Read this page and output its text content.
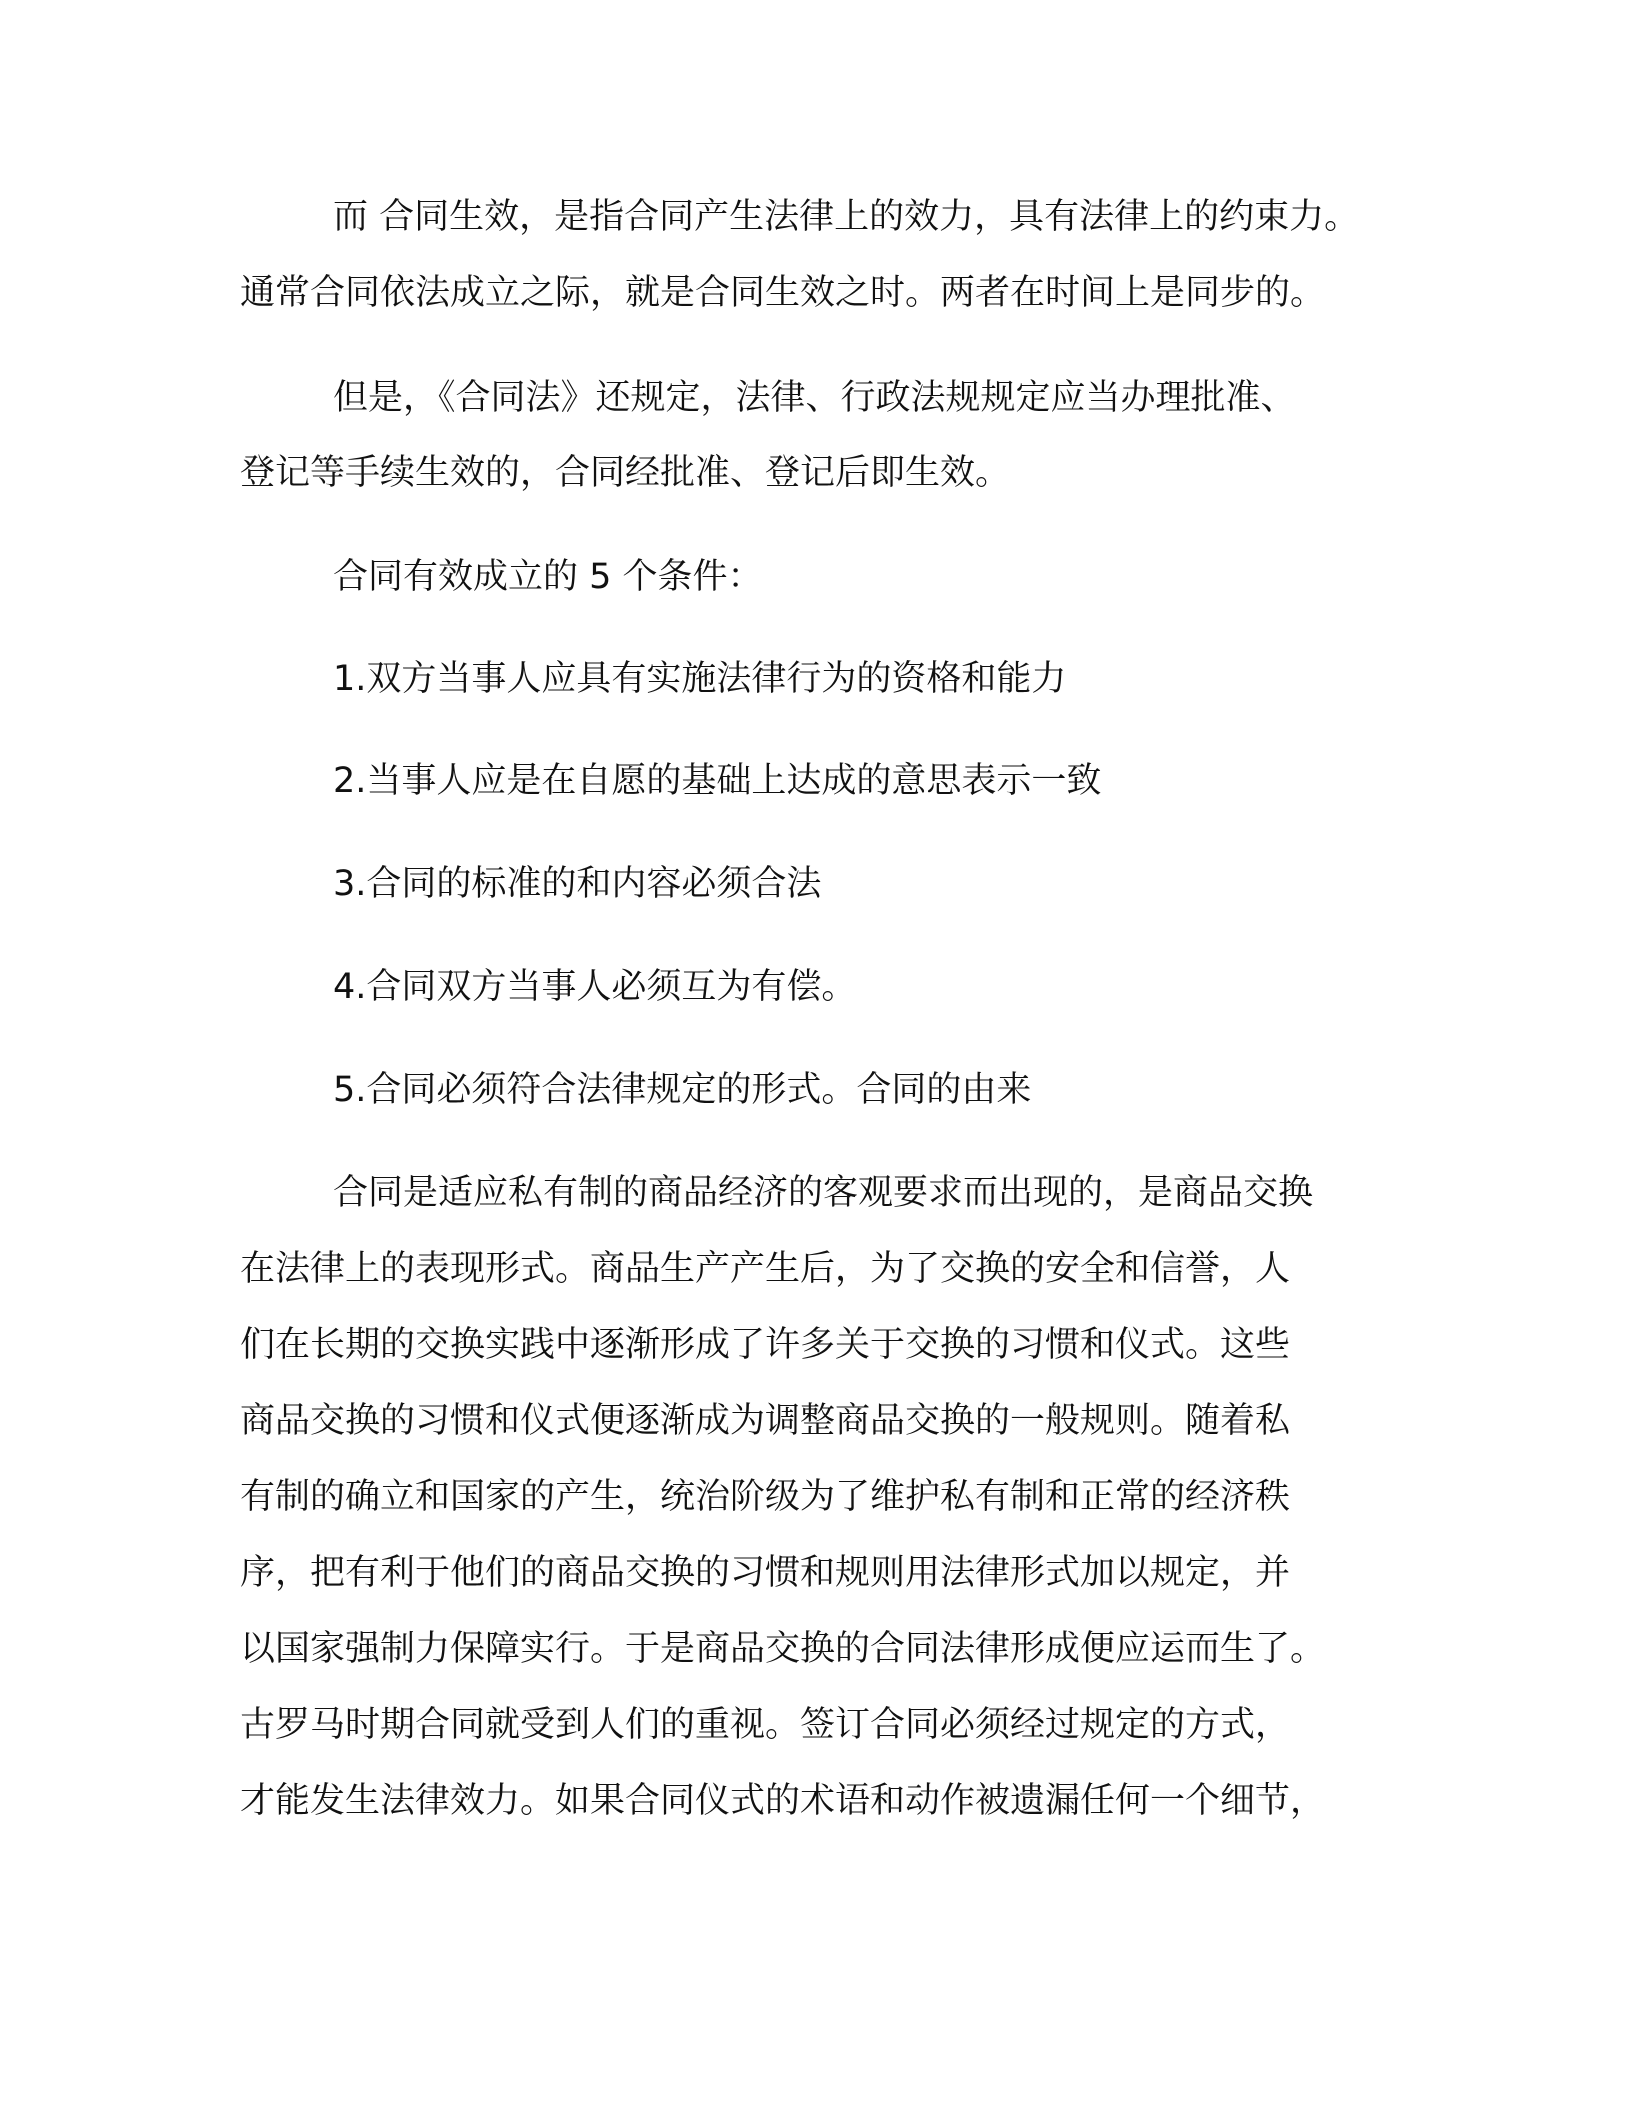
而 合同生效，是指合同产生法律上的效力，具有法律上的约束力。
通常合同依法成立之际，就是合同生效之时。两者在时间上是同步的。
但是，《合同法》还规定，法律、行政法规规定应当办理批准、
登记等手续生效的，合同经批准、登记后即生效。
合同有效成立的 5 个条件：
1.双方当事人应具有实施法律行为的资格和能力
2.当事人应是在自愿的基础上达成的意思表示一致
3.合同的标准的和内容必须合法
4.合同双方当事人必须互为有偿。
5.合同必须符合法律规定的形式。合同的由来
合同是适应私有制的商品经济的客观要求而出现的，是商品交换
在法律上的表现形式。商品生产产生后，为了交换的安全和信誉，人
们在长期的交换实践中逐渐形成了许多关于交换的习惯和仪式。这些
商品交换的习惯和仪式便逐渐成为调整商品交换的一般规则。随着私
有制的确立和国家的产生，统治阶级为了维护私有制和正常的经济秩
序，把有利于他们的商品交换的习惯和规则用法律形式加以规定，并
以国家强制力保障实行。于是商品交换的合同法律形成便应运而生了。
古罗马时期合同就受到人们的重视。签订合同必须经过规定的方式，
才能发生法律效力。如果合同仪式的术语和动作被遗漏任何一个细节，
